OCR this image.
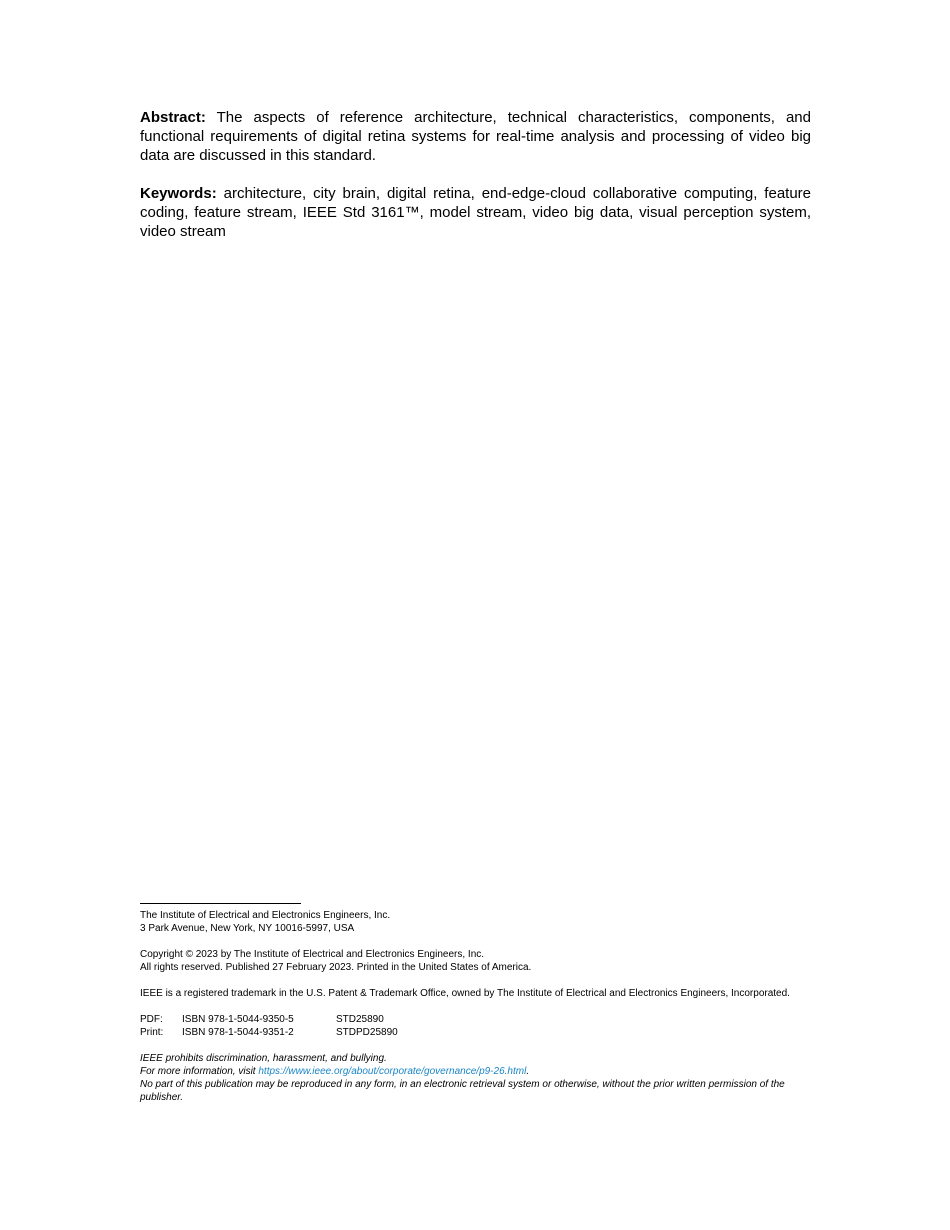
Abstract: The aspects of reference architecture, technical characteristics, components, and functional requirements of digital retina systems for real-time analysis and processing of video big data are discussed in this standard.

Keywords: architecture, city brain, digital retina, end-edge-cloud collaborative computing, feature coding, feature stream, IEEE Std 3161™, model stream, video big data, visual perception system, video stream

The Institute of Electrical and Electronics Engineers, Inc.

3 Park Avenue, New York, NY 10016-5997, USA

Copyright © 2023 by The Institute of Electrical and Electronics Engineers, Inc.

All rights reserved. Published 27 February 2023. Printed in the United States of America.

IEEE is a registered trademark in the U.S. Patent & Trademark Office, owned by The Institute of Electrical and Electronics Engineers, Incorporated.

PDF:	ISBN 978-1-5044-9350-5	STD25890
Print:	ISBN 978-1-5044-9351-2	STDPD25890

IEEE prohibits discrimination, harassment, and bullying.

For more information, visit https://www.ieee.org/about/corporate/governance/p9-26.html.

No part of this publication may be reproduced in any form, in an electronic retrieval system or otherwise, without the prior written permission of the publisher.
